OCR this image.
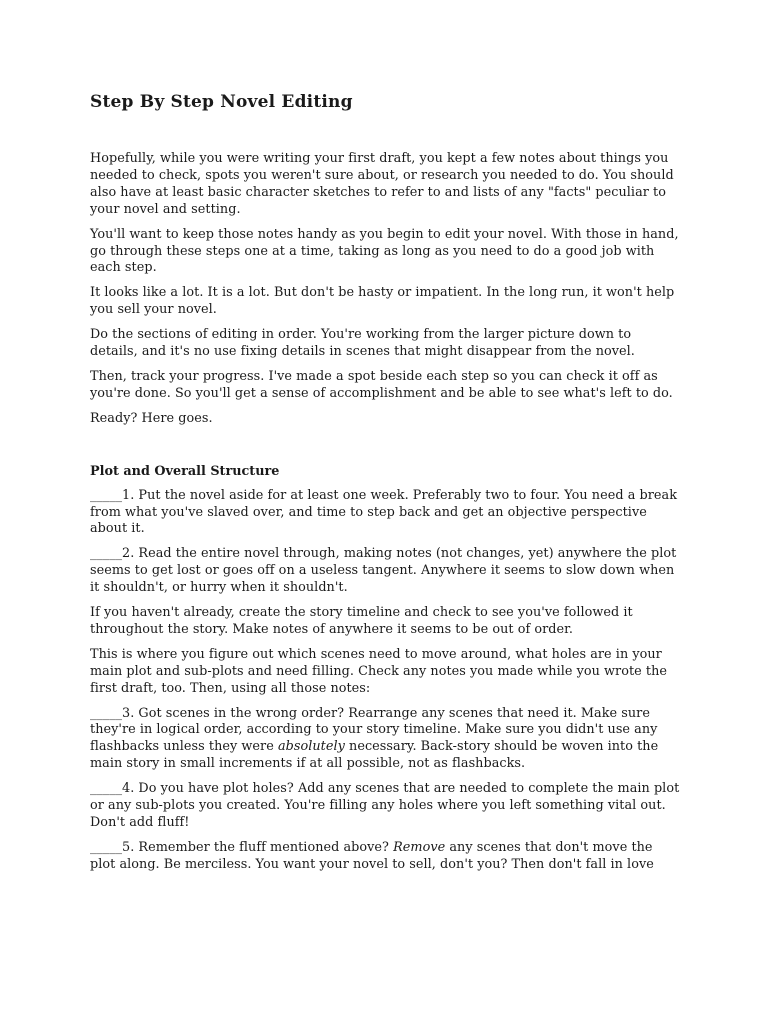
Step By Step Novel Editing

Hopefully, while you were writing your first draft, you kept a few notes about things you needed to check, spots you weren't sure about, or research you needed to do. You should also have at least basic character sketches to refer to and lists of any "facts" peculiar to your novel and setting.

You'll want to keep those notes handy as you begin to edit your novel. With those in hand, go through these steps one at a time, taking as long as you need to do a good job with each step.

It looks like a lot. It is a lot. But don't be hasty or impatient. In the long run, it won't help you sell your novel.

Do the sections of editing in order. You're working from the larger picture down to details, and it's no use fixing details in scenes that might disappear from the novel.

Then, track your progress. I've made a spot beside each step so you can check it off as you're done. So you'll get a sense of accomplishment and be able to see what's left to do.

Ready? Here goes.

Plot and Overall Structure

_____1. Put the novel aside for at least one week. Preferably two to four. You need a break from what you've slaved over, and time to step back and get an objective perspective about it.

_____2. Read the entire novel through, making notes (not changes, yet) anywhere the plot seems to get lost or goes off on a useless tangent. Anywhere it seems to slow down when it shouldn't, or hurry when it shouldn't.

If you haven't already, create the story timeline and check to see you've followed it throughout the story. Make notes of anywhere it seems to be out of order.

This is where you figure out which scenes need to move around, what holes are in your main plot and sub-plots and need filling. Check any notes you made while you wrote the first draft, too. Then, using all those notes:

_____3. Got scenes in the wrong order? Rearrange any scenes that need it. Make sure they're in logical order, according to your story timeline. Make sure you didn't use any flashbacks unless they were absolutely necessary. Back-story should be woven into the main story in small increments if at all possible, not as flashbacks.

_____4. Do you have plot holes? Add any scenes that are needed to complete the main plot or any sub-plots you created. You're filling any holes where you left something vital out. Don't add fluff!

_____5. Remember the fluff mentioned above? Remove any scenes that don't move the plot along. Be merciless. You want your novel to sell, don't you? Then don't fall in love
